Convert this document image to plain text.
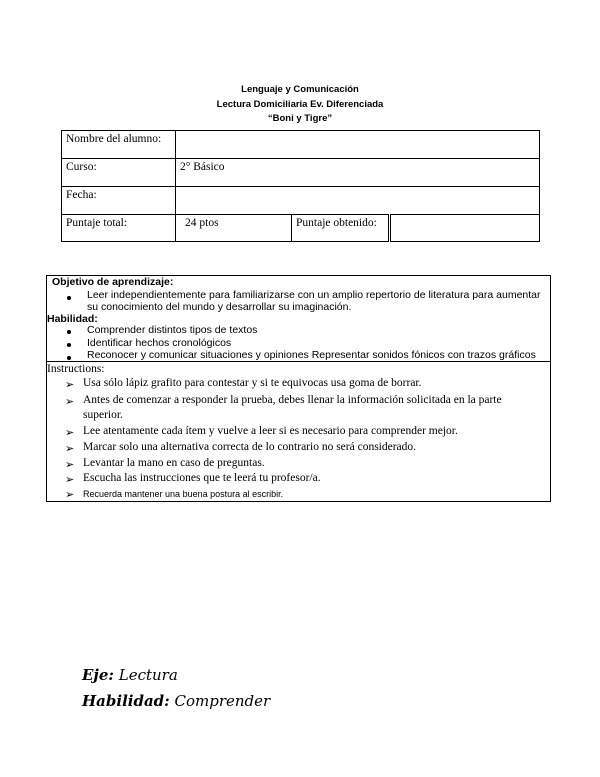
Lenguaje y Comunicación
Lectura Domiciliaria Ev. Diferenciada
“Boni y Tigre”
Nombre del alumno:			
Curso:	2° Básico		
Fecha:			
Puntaje total:	24 ptos	Puntaje obtenido:	
Objetivo de aprendizaje:
Leer independientemente para familiarizarse con un amplio repertorio de literatura para aumentar
su conocimiento del mundo y desarrollar su imaginación.
Habilidad:
Comprender distintos tipos de textos
Identificar hechos cronológicos
Reconocer y comunicar situaciones y opiniones Representar sonidos fónicos con trazos gráficos
Instructions:
➢ Usa sólo lápiz grafito para contestar y si te equivocas usa goma de borrar.
➢ Antes de comenzar a responder la prueba, debes llenar la información solicitada en la parte
superior.
➢ Lee atentamente cada ítem y vuelve a leer si es necesario para comprender mejor.
➢ Marcar solo una alternativa correcta de lo contrario no será considerado.
➢ Levantar la mano en caso de preguntas.
➢ Escucha las instrucciones que te leerá tu profesor/a.
➢ Recuerda mantener una buena postura al escribir.
Eje: Lectura
Habilidad: Comprender
